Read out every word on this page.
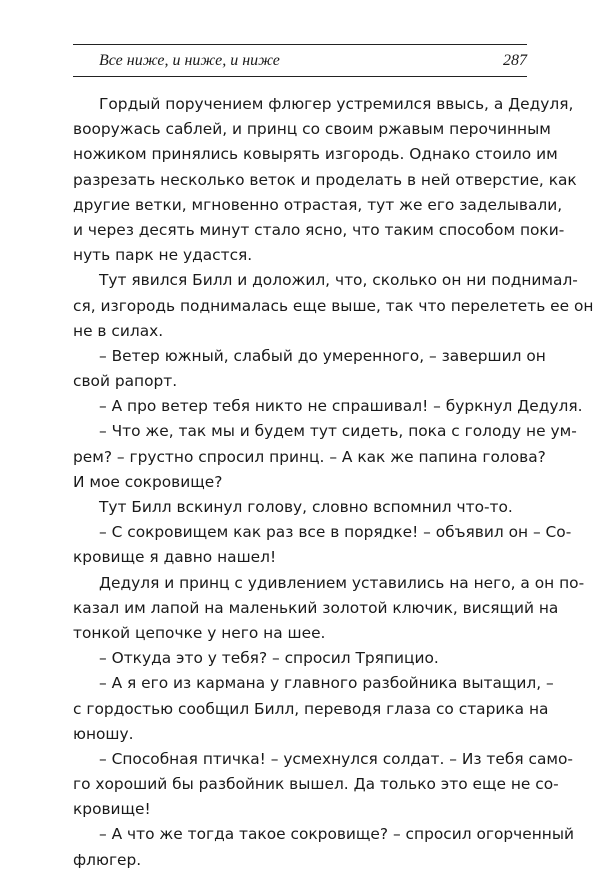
Все ниже, и ниже, и ниже	287
Гордый поручением флюгер устремился ввысь, а Дедуля,
вооружась саблей, и принц со своим ржавым перочинным
ножиком принялись ковырять изгородь. Однако стоило им
разрезать несколько веток и проделать в ней отверстие, как
другие ветки, мгновенно отрастая, тут же его заделывали,
и через десять минут стало ясно, что таким способом поки-
нуть парк не удастся.
Тут явился Билл и доложил, что, сколько он ни поднимал-
ся, изгородь поднималась еще выше, так что перелететь ее он
не в силах.
– Ветер южный, слабый до умеренного, – завершил он
свой рапорт.
– А про ветер тебя никто не спрашивал! – буркнул Дедуля.
– Что же, так мы и будем тут сидеть, пока с голоду не ум-
рем? – грустно спросил принц. – А как же папина голова?
И мое сокровище?
Тут Билл вскинул голову, словно вспомнил что-то.
– С сокровищем как раз все в порядке! – объявил он – Со-
кровище я давно нашел!
Дедуля и принц с удивлением уставились на него, а он по-
казал им лапой на маленький золотой ключик, висящий на
тонкой цепочке у него на шее.
– Откуда это у тебя? – спросил Тряпицио.
– А я его из кармана у главного разбойника вытащил, –
с гордостью сообщил Билл, переводя глаза со старика на
юношу.
– Способная птичка! – усмехнулся солдат. – Из тебя само-
го хороший бы разбойник вышел. Да только это еще не со-
кровище!
– А что же тогда такое сокровище? – спросил огорченный
флюгер.
